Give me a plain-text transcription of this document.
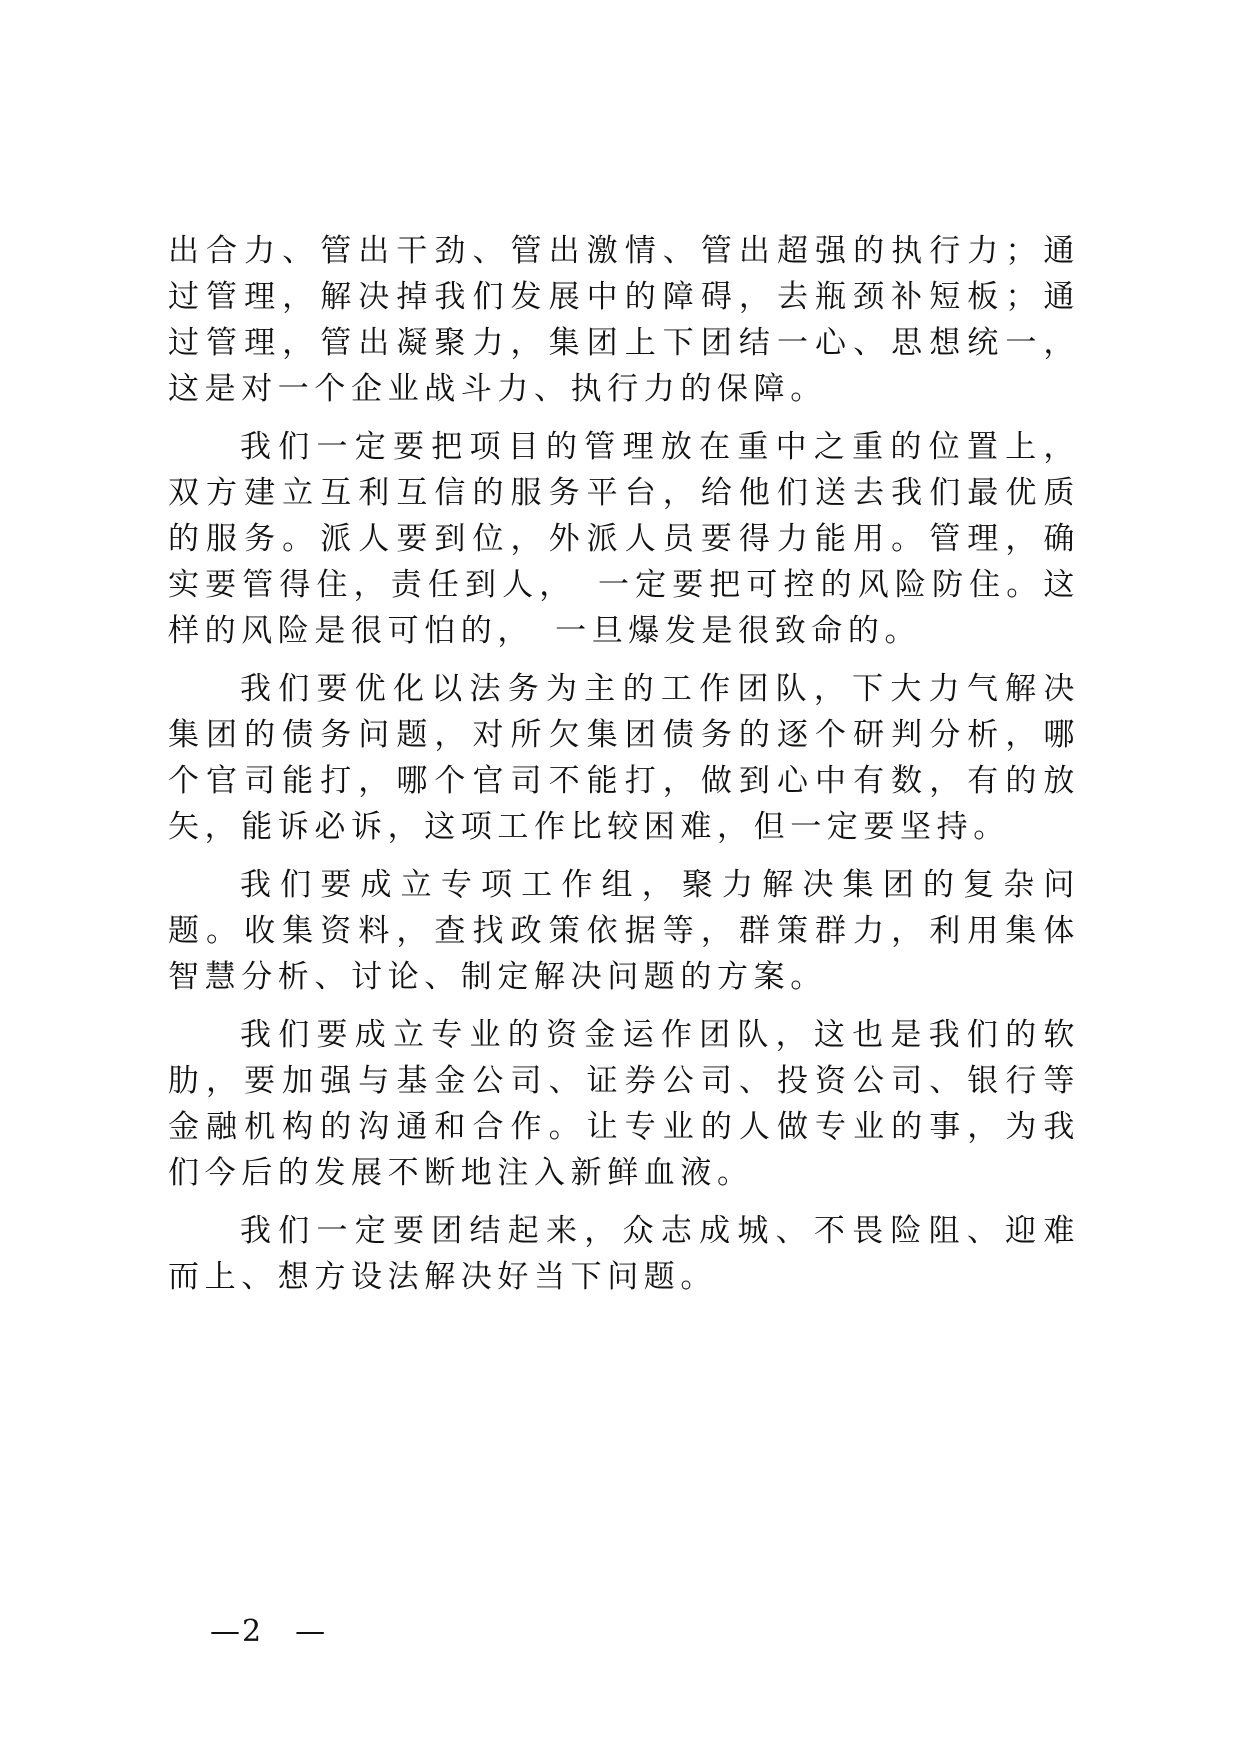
出合力、管出干劲、管出激情、管出超强的执行力；通过管理，解决掉我们发展中的障碍，去瓶颈补短板；通过管理，管出凝聚力，集团上下团结一心、思想统一，这是对一个企业战斗力、执行力的保障。

我们一定要把项目的管理放在重中之重的位置上，双方建立互利互信的服务平台，给他们送去我们最优质的服务。派人要到位，外派人员要得力能用。管理，确实要管得住，责任到人，　一定要把可控的风险防住。这样的风险是很可怕的，　一旦爆发是很致命的。

我们要优化以法务为主的工作团队，下大力气解决集团的债务问题，对所欠集团债务的逐个研判分析，哪个官司能打，哪个官司不能打，做到心中有数，有的放矢，能诉必诉，这项工作比较困难，但一定要坚持。

我们要成立专项工作组，聚力解决集团的复杂问题。收集资料，查找政策依据等，群策群力，利用集体智慧分析、讨论、制定解决问题的方案。

我们要成立专业的资金运作团队，这也是我们的软肋，要加强与基金公司、证券公司、投资公司、银行等金融机构的沟通和合作。让专业的人做专业的事，为我们今后的发展不断地注入新鲜血液。

我们一定要团结起来，众志成城、不畏险阻、迎难而上、想方设法解决好当下问题。

—2　—
